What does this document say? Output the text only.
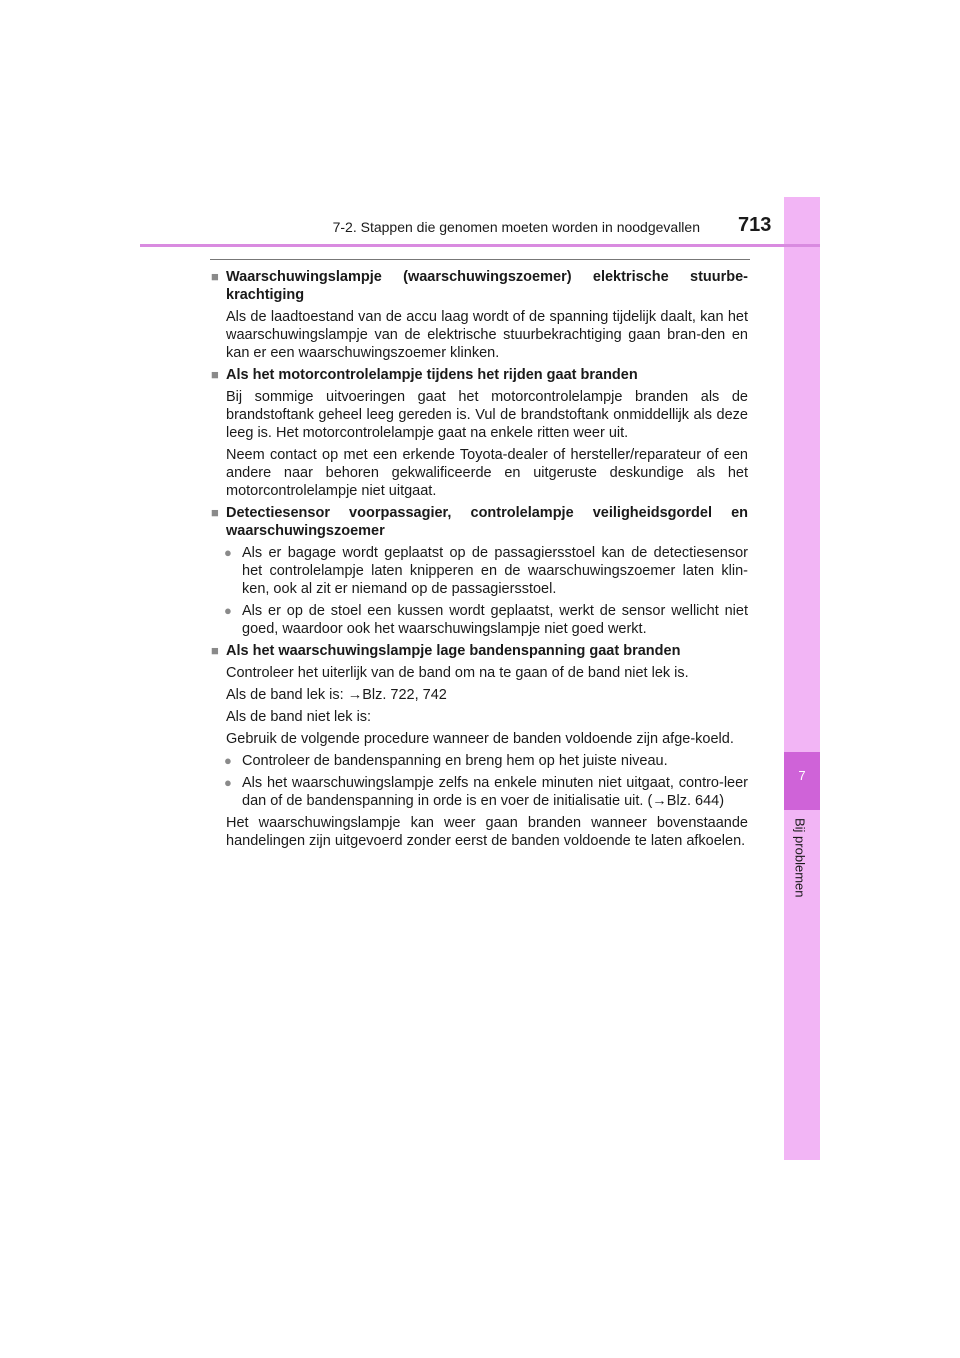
7
Bij problemen
7-2. Stappen die genomen moeten worden in noodgevallen 713
■ Waarschuwingslampje (waarschuwingszoemer) elektrische stuurbe-krachtiging
Als de laadtoestand van de accu laag wordt of de spanning tijdelijk daalt, kan het waarschuwingslampje van de elektrische stuurbekrachtiging gaan bran-den en kan er een waarschuwingszoemer klinken.
■ Als het motorcontrolelampje tijdens het rijden gaat branden
Bij sommige uitvoeringen gaat het motorcontrolelampje branden als de brandstoftank geheel leeg gereden is. Vul de brandstoftank onmiddellijk als deze leeg is. Het motorcontrolelampje gaat na enkele ritten weer uit.
Neem contact op met een erkende Toyota-dealer of hersteller/reparateur of een andere naar behoren gekwalificeerde en uitgeruste deskundige als het motorcontrolelampje niet uitgaat.
■ Detectiesensor voorpassagier, controlelampje veiligheidsgordel en waarschuwingszoemer
● Als er bagage wordt geplaatst op de passagiersstoel kan de detectiesensor het controlelampje laten knipperen en de waarschuwingszoemer laten klin-ken, ook al zit er niemand op de passagiersstoel.
● Als er op de stoel een kussen wordt geplaatst, werkt de sensor wellicht niet goed, waardoor ook het waarschuwingslampje niet goed werkt.
■ Als het waarschuwingslampje lage bandenspanning gaat branden
Controleer het uiterlijk van de band om na te gaan of de band niet lek is.
Als de band lek is: →Blz. 722, 742
Als de band niet lek is:
Gebruik de volgende procedure wanneer de banden voldoende zijn afge-koeld.
● Controleer de bandenspanning en breng hem op het juiste niveau.
● Als het waarschuwingslampje zelfs na enkele minuten niet uitgaat, contro-leer dan of de bandenspanning in orde is en voer de initialisatie uit. (→Blz. 644)
Het waarschuwingslampje kan weer gaan branden wanneer bovenstaande handelingen zijn uitgevoerd zonder eerst de banden voldoende te laten afkoelen.
